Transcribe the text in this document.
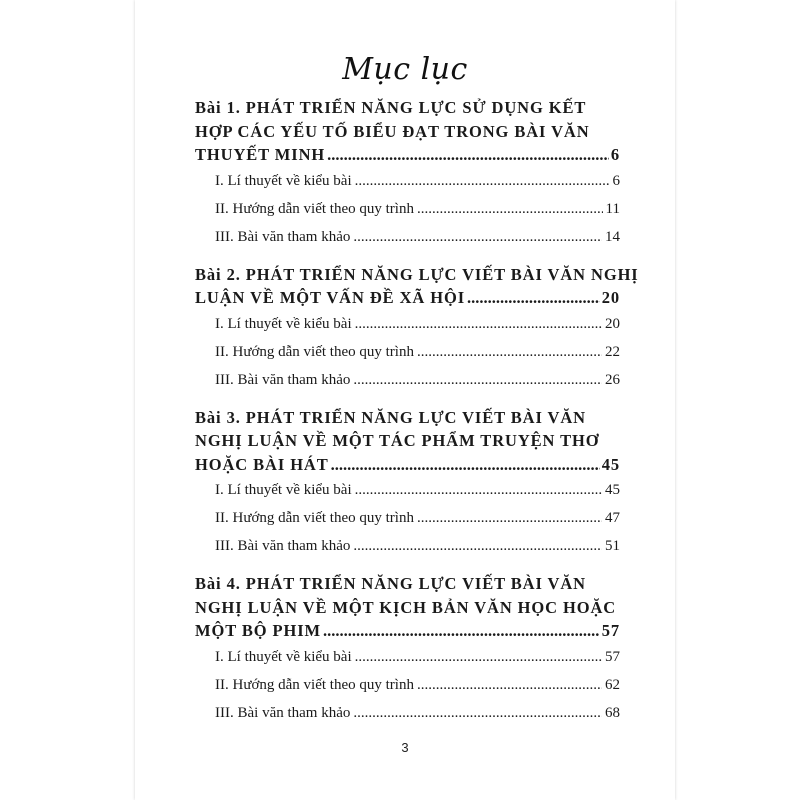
Mục lục
Bài 1. PHÁT TRIỂN NĂNG LỰC SỬ DỤNG KẾT
HỢP CÁC YẾU TỐ BIỂU ĐẠT TRONG BÀI VĂN
THUYẾT MINH .....	6
I. Lí thuyết về kiểu bài .....	6
II. Hướng dẫn viết theo quy trình .....	11
III. Bài văn tham khảo .....	14
Bài 2. PHÁT TRIỂN NĂNG LỰC VIẾT BÀI VĂN NGHỊ
LUẬN VỀ MỘT VẤN ĐỀ XÃ HỘI .....	20
I. Lí thuyết về kiểu bài .....	20
II. Hướng dẫn viết theo quy trình .....	22
III. Bài văn tham khảo .....	26
Bài 3. PHÁT TRIỂN NĂNG LỰC VIẾT BÀI VĂN
NGHỊ LUẬN VỀ MỘT TÁC PHẨM TRUYỆN THƠ
HOẶC BÀI HÁT .....	45
I. Lí thuyết về kiểu bài .....	45
II. Hướng dẫn viết theo quy trình .....	47
III. Bài văn tham khảo .....	51
Bài 4. PHÁT TRIỂN NĂNG LỰC VIẾT BÀI VĂN
NGHỊ LUẬN VỀ MỘT KỊCH BẢN VĂN HỌC HOẶC
MỘT BỘ PHIM .....	57
I. Lí thuyết về kiểu bài .....	57
II. Hướng dẫn viết theo quy trình .....	62
III. Bài văn tham khảo .....	68
3
